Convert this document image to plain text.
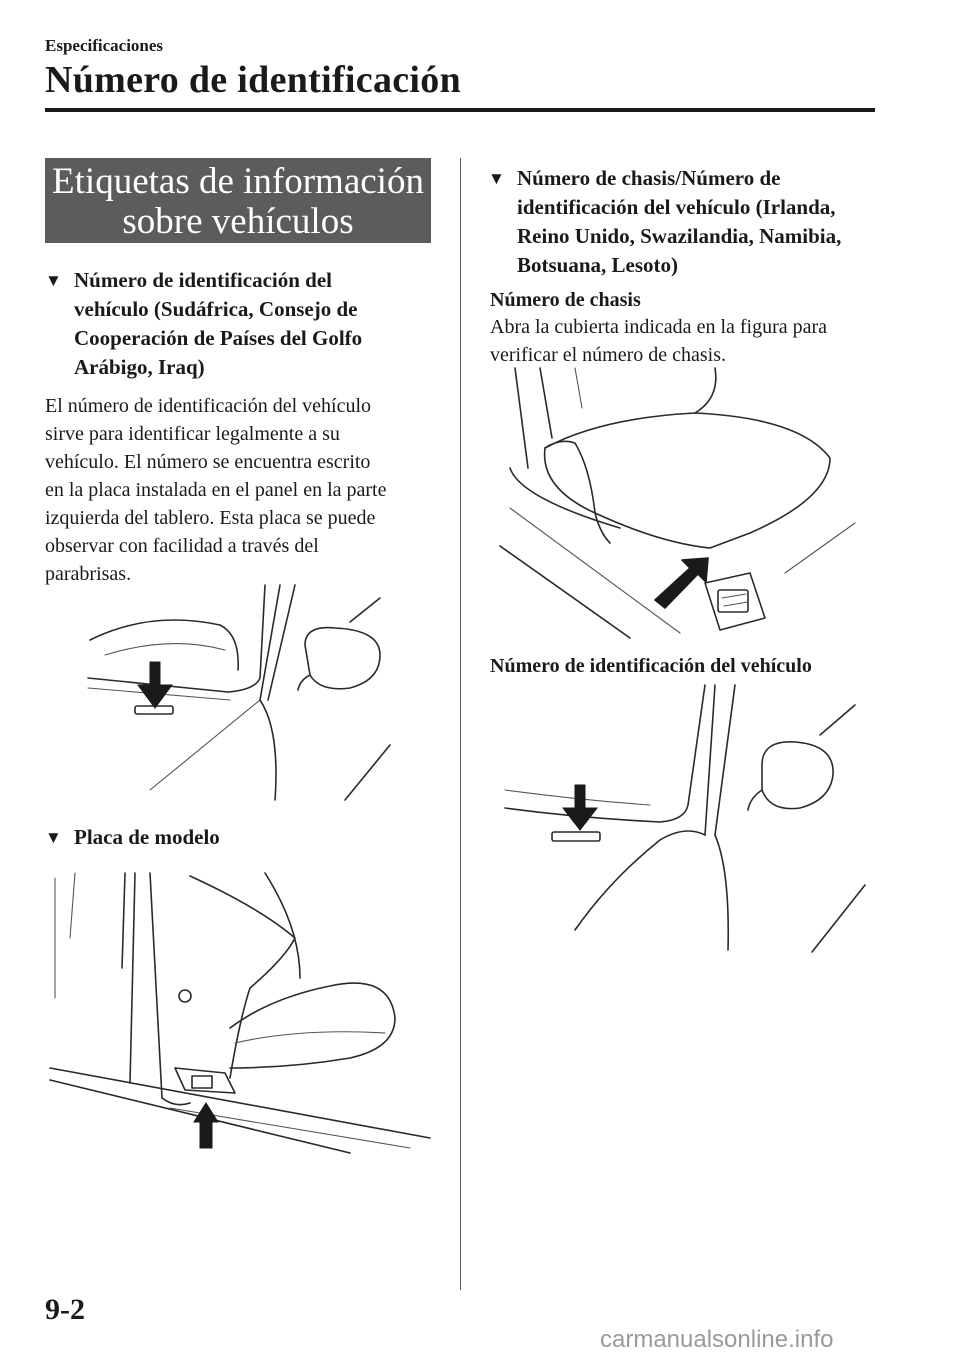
Especificaciones
Número de identificación
Etiquetas de información
sobre vehículos
▼ Número de identificación del
vehículo (Sudáfrica, Consejo de
Cooperación de Países del Golfo
Arábigo, Iraq)
El número de identificación del vehículo
sirve para identificar legalmente a su
vehículo. El número se encuentra escrito
en la placa instalada en el panel en la parte
izquierda del tablero. Esta placa se puede
observar con facilidad a través del
parabrisas.
▼ Placa de modelo
▼ Número de chasis/Número de
identificación del vehículo (Irlanda,
Reino Unido, Swazilandia, Namibia,
Botsuana, Lesoto)
Número de chasis
Abra la cubierta indicada en la figura para
verificar el número de chasis.
Número de identificación del vehículo
9-2
carmanualsonline.info
